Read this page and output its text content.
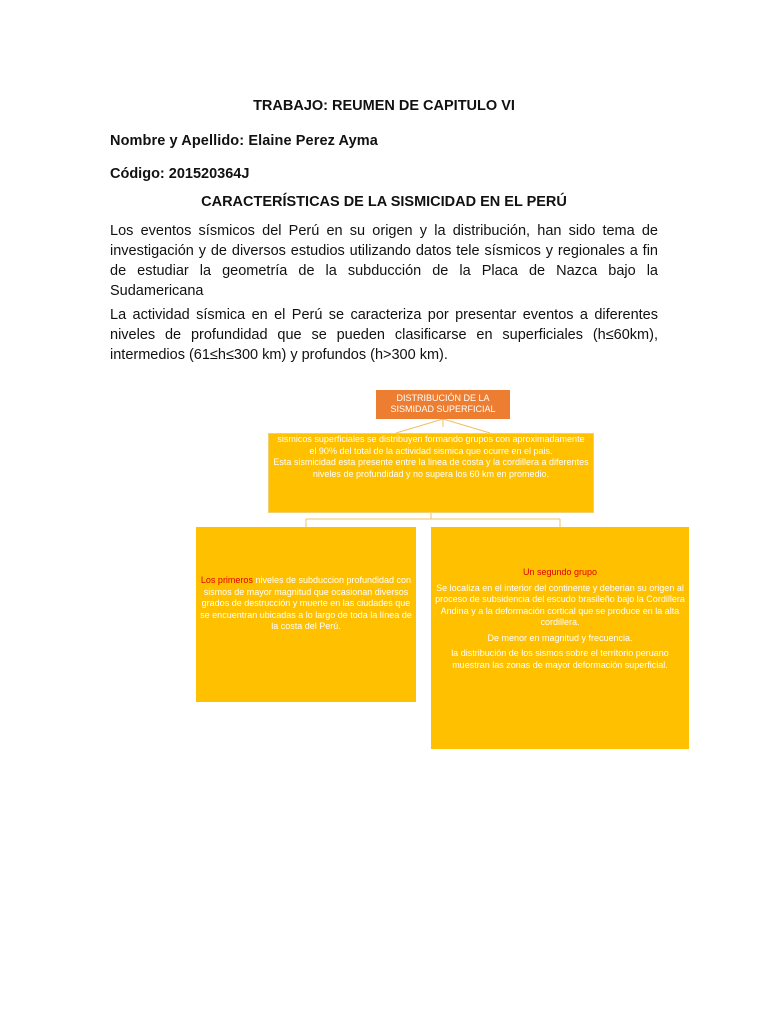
TRABAJO: REUMEN DE CAPITULO VI
Nombre y Apellido: Elaine Perez Ayma
Código: 201520364J
CARACTERÍSTICAS DE LA SISMICIDAD EN EL PERÚ
Los eventos sísmicos del Perú en su origen y la distribución, han sido tema de investigación y de diversos estudios utilizando datos tele sísmicos y regionales a fin de estudiar la geometría de la subducción de la Placa de Nazca bajo la Sudamericana
La actividad sísmica en el Perú se caracteriza por presentar eventos a diferentes niveles de profundidad que se pueden clasificarse en superficiales (h≤60km), intermedios (61≤h≤300 km) y profundos (h>300 km).
DISTRIBUCIÓN DE LA SISMIDAD SUPERFICIAL

sismicos superficiales se distribuyen formando grupos con aproximadamente el 90% del total de la actividad sismica que ocurre en el pais.

Esta sismicidad esta presente entre la linea de costa y la cordillera a diferentes niveles de profundidad y no supera los 60 km en promedio.

Los primeros niveles de subduccion profundidad con sismos de mayor magnitud que ocasionan diversos grados de destrucción y muerte en las ciudades que se encuentran ubicadas a lo largo de toda la línea de la costa del Perú.

Un segundo grupo

Se localiza en el interior del continente y deberian su origen al proceso de subsidencia del escudo brasileño bajo la Cordillera Andina y a la deformación cortical que se produce en la alta cordillera.

De menor en magnitud y frecuencia.

la distribución de los sismos sobre el territorio peruano muestran las zonas de mayor deformación superficial.
